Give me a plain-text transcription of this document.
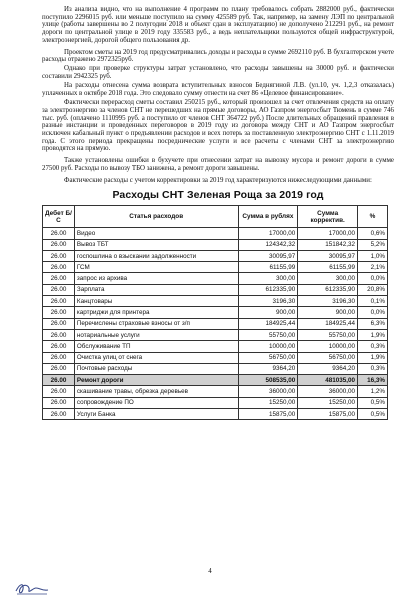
Из анализа видно, что на выполнение 4 программ по плану требовалось собрать 2882000 руб., фактически поступило 2296015 руб. или меньше поступило на сумму 425589 руб. Так, например, на замену ЛЭП по центральной улице (работы завершены во 2 полугодии 2018 и объект сдан в эксплуатацию) не дополучено 212291 руб., на ремонт дороги по центральной улице в 2019 году 335583 руб., а ведь неплательщики пользуются общей инфраструктурой, электроэнергией, дорогой общего пользования др.

Проектом сметы на 2019 год предусматривались доходы и расходы в сумме 2692110 руб. В бухгалтерском учете расходы отражено 2972325руб.

Однако при проверке структуры затрат установлено, что расходы завышены на 30000 руб. и фактически составили 2942325 руб.

На расходы отнесена сумма возврата вступительных взносов Беднягиной Л.В. (ул.10, уч. 1,2,3 отказалась) уплаченных в октябре 2018 года. Это следовало сумму отнести на счет 86 «Целевое финансирование».

Фактически перерасход сметы составил 250215 руб., который произошел за счет отвлечения средств на оплату за электроэнергию за членов СНТ не перешедших на прямые договоры, АО Газпром энергосбыт Тюмень в сумме 746 тыс. руб. (оплачено 1110995 руб. а поступило от членов СНТ 364722 руб.) После длительных обращений правления в разные инстанции и проведенных переговоров в 2019 году из договора между СНТ и АО Газпром энергосбыт исключен кабальный пункт о предъявлении расходов и всех потерь за поставленную электроэнергию СНТ с 1.11.2019 года. С этого периода прекращены посреднические услуги и все расчеты с членами СНТ за электроэнергию проводятся на прямую.

Также установлены ошибки в бухучете при отнесении затрат на вывозку мусора и ремонт дороги в сумме 27500 руб. Расходы по вывозу ТБО занижена, а ремонт дороги завышены.

Фактические расходы с учетом корректировки за 2019 год характеризуются нижеследующими данными:

Расходы СНТ Зеленая Роща за 2019 год
Дебет Б/С	Статья расходов	Сумма в рублях	Сумма корректив.	%
26.00	Видео	17000,00	17000,00	0,6%
26.00	Вывоз ТБТ	124342,32	151842,32	5,2%
26.00	госпошлина о взыскании задолженности	30095,97	30095,97	1,0%
26.00	ГСМ	61155,99	61155,99	2,1%
26.00	запрос из архива	300,00	300,00	0,0%
26.00	Зарплата	612335,90	612335,90	20,8%
26.00	Канцтовары	3196,30	3196,30	0,1%
26.00	картриджи для принтера	900,00	900,00	0,0%
26.00	Перечислены страховые взносы от з/п	184925,44	184925,44	6,3%
26.00	нотариальные услуги	55750,00	55750,00	1,9%
26.00	Обслуживание ТП	10000,00	10000,00	0,3%
26.00	Очистка улиц от снега	56750,00	56750,00	1,9%
26.00	Почтовые расходы	9364,20	9364,20	0,3%
26.00	Ремонт дороги	508535,00	481035,00	16,3%
26.00	скашивание травы, обрезка деревьев	36000,00	36000,00	1,2%
26.00	сопровождение ПО	15250,00	15250,00	0,5%
26.00	Услуги Банка	15875,00	15875,00	0,5%
4
